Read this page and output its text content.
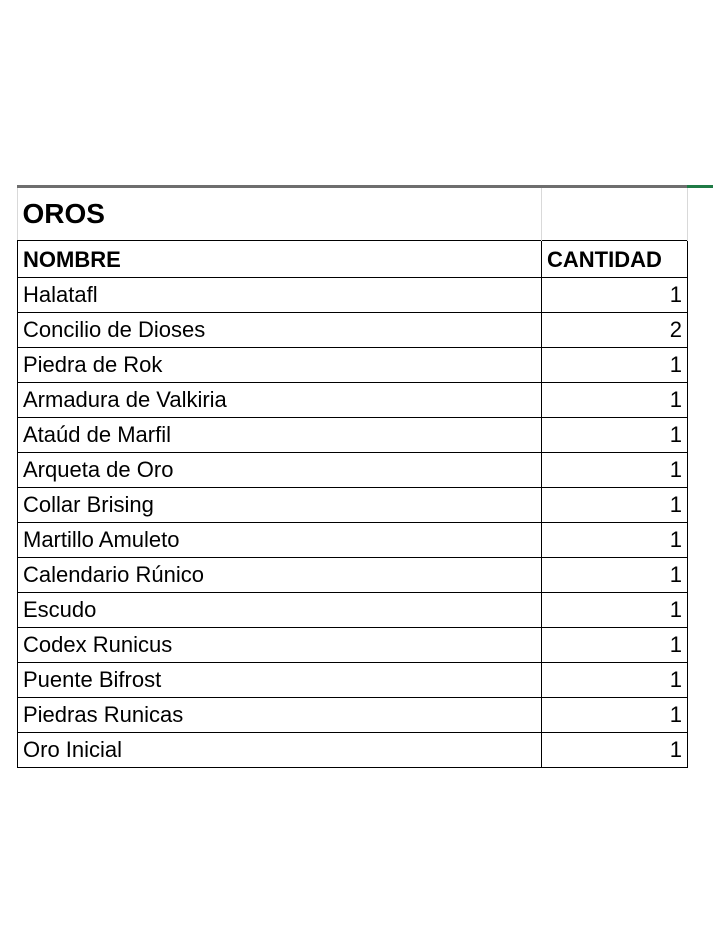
OROS	
NOMBRE	CANTIDAD
Halatafl	1
Concilio de Dioses	2
Piedra de Rok	1
Armadura de Valkiria	1
Ataúd de Marfil	1
Arqueta de Oro	1
Collar Brising	1
Martillo Amuleto	1
Calendario Rúnico	1
Escudo	1
Codex Runicus	1
Puente Bifrost	1
Piedras Runicas	1
Oro Inicial	1
